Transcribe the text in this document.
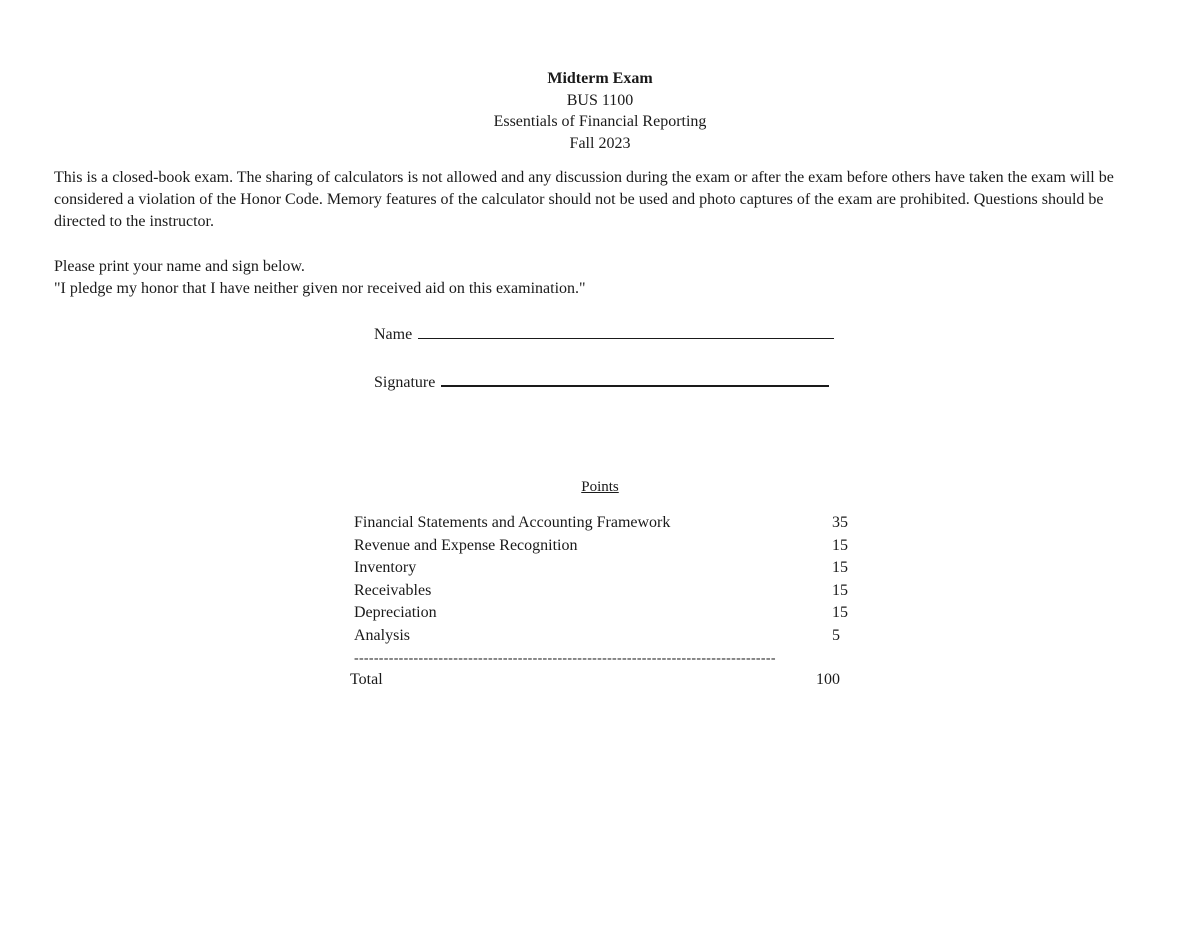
Midterm Exam
BUS 1100
Essentials of Financial Reporting
Fall 2023

This is a closed-book exam. The sharing of calculators is not allowed and any discussion during the exam or after the exam before others have taken the exam will be considered a violation of the Honor Code. Memory features of the calculator should not be used and photo captures of the exam are prohibited. Questions should be directed to the instructor.

Please print your name and sign below.
"I pledge my honor that I have neither given nor received aid on this examination."
Name
Signature
Points
Financial Statements and Accounting Framework	35
Revenue and Expense Recognition	15
Inventory	15
Receivables	15
Depreciation	15
Analysis	5
-------------------------------------------------------------------------------------
Total	100
